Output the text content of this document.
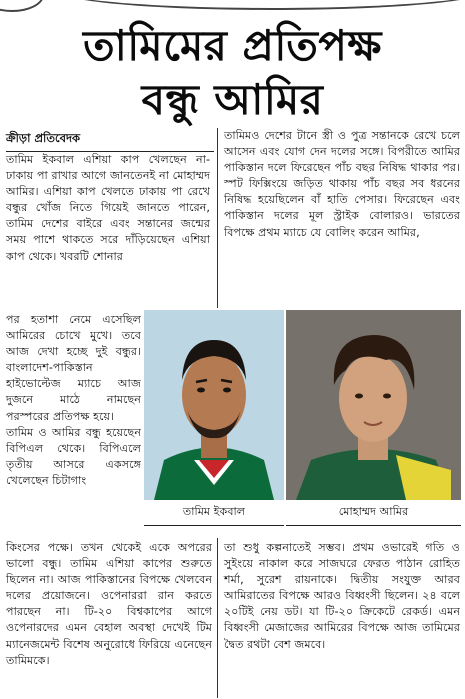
তামিমের প্রতিপক্ষ
বন্ধু আমির
ক্রীড়া প্রতিবেদক

তামিম ইকবাল এশিয়া কাপ খেলছেন না- ঢাকায় পা রাখার আগে জানতেনই না মোহাম্মদ আমির। এশিয়া কাপ খেলতে ঢাকায় পা রেখে বন্ধুর খোঁজ নিতে গিয়েই জানতে পারেন, তামিম দেশের বাইরে এবং সন্তানের জন্মের সময় পাশে থাকতে সরে দাঁড়িয়েছেন এশিয়া কাপ থেকে। খবরটি শোনার

পর হতাশা নেমে এসেছিল আমিরের চোখে মুখে। তবে আজ দেখা হচ্ছে দুই বন্ধুর। বাংলাদেশ-পাকিস্তান হাইভোল্টেজ ম্যাচে আজ দুজনে মাঠে নামছেন পরস্পরের প্রতিপক্ষ হয়ে।

তামিম ও আমির বন্ধু হয়েছেন বিপিএল থেকে। বিপিএলে তৃতীয় আসরে একসঙ্গে খেলেছেন চিটাগাং

তামিমও দেশের টানে স্ত্রী ও পুত্র সন্তানকে রেখে চলে আসেন এবং যোগ দেন দলের সঙ্গে। বিপরীতে আমির পাকিস্তান দলে ফিরেছেন পাঁচ বছর নিষিদ্ধ থাকার পর। স্পট ফিক্সিংয়ে জড়িত থাকায় পাঁচ বছর সব ধরনের নিষিদ্ধ হয়েছিলেন বাঁ হাতি পেসার। ফিরেছেন এবং পাকিস্তান দলের মূল স্ট্রাইক বোলারও। ভারতের বিপক্ষে প্রথম ম্যাচে যে বোলিং করেন আমির,

তামিম ইকবাল	মোহাম্মদ আমির

কিংসের পক্ষে। তখন থেকেই একে অপরের ভালো বন্ধু। তামিম এশিয়া কাপের শুরুতে ছিলেন না। আজ পাকিস্তানের বিপক্ষে খেলবেন দলের প্রয়োজনে। ওপেনাররা রান করতে পারছেন না। টি-২০ বিশ্বকাপের আগে ওপেনারদের এমন বেহাল অবস্থা দেখেই টিম ম্যানেজমেন্ট বিশেষ অনুরোধে ফিরিয়ে এনেছেন তামিমকে।

তা শুধু কল্পনাতেই সম্ভব। প্রথম ওভারেই গতি ও সুইংয়ে নাকাল করে সাজঘরে ফেরত পাঠান রোহিত শর্মা, সুরেশ রায়নাকে। দ্বিতীয় সংযুক্ত আরব আমিরাতের বিপক্ষে আরও বিধ্বংসী ছিলেন। ২৪ বলে ২০টিই নেয় ডট। যা টি-২০ ক্রিকেটে রেকর্ড। এমন বিধ্বংসী মেজাজের আমিরের বিপক্ষে আজ তামিমের দ্বৈত রথটা বেশ জমবে।
